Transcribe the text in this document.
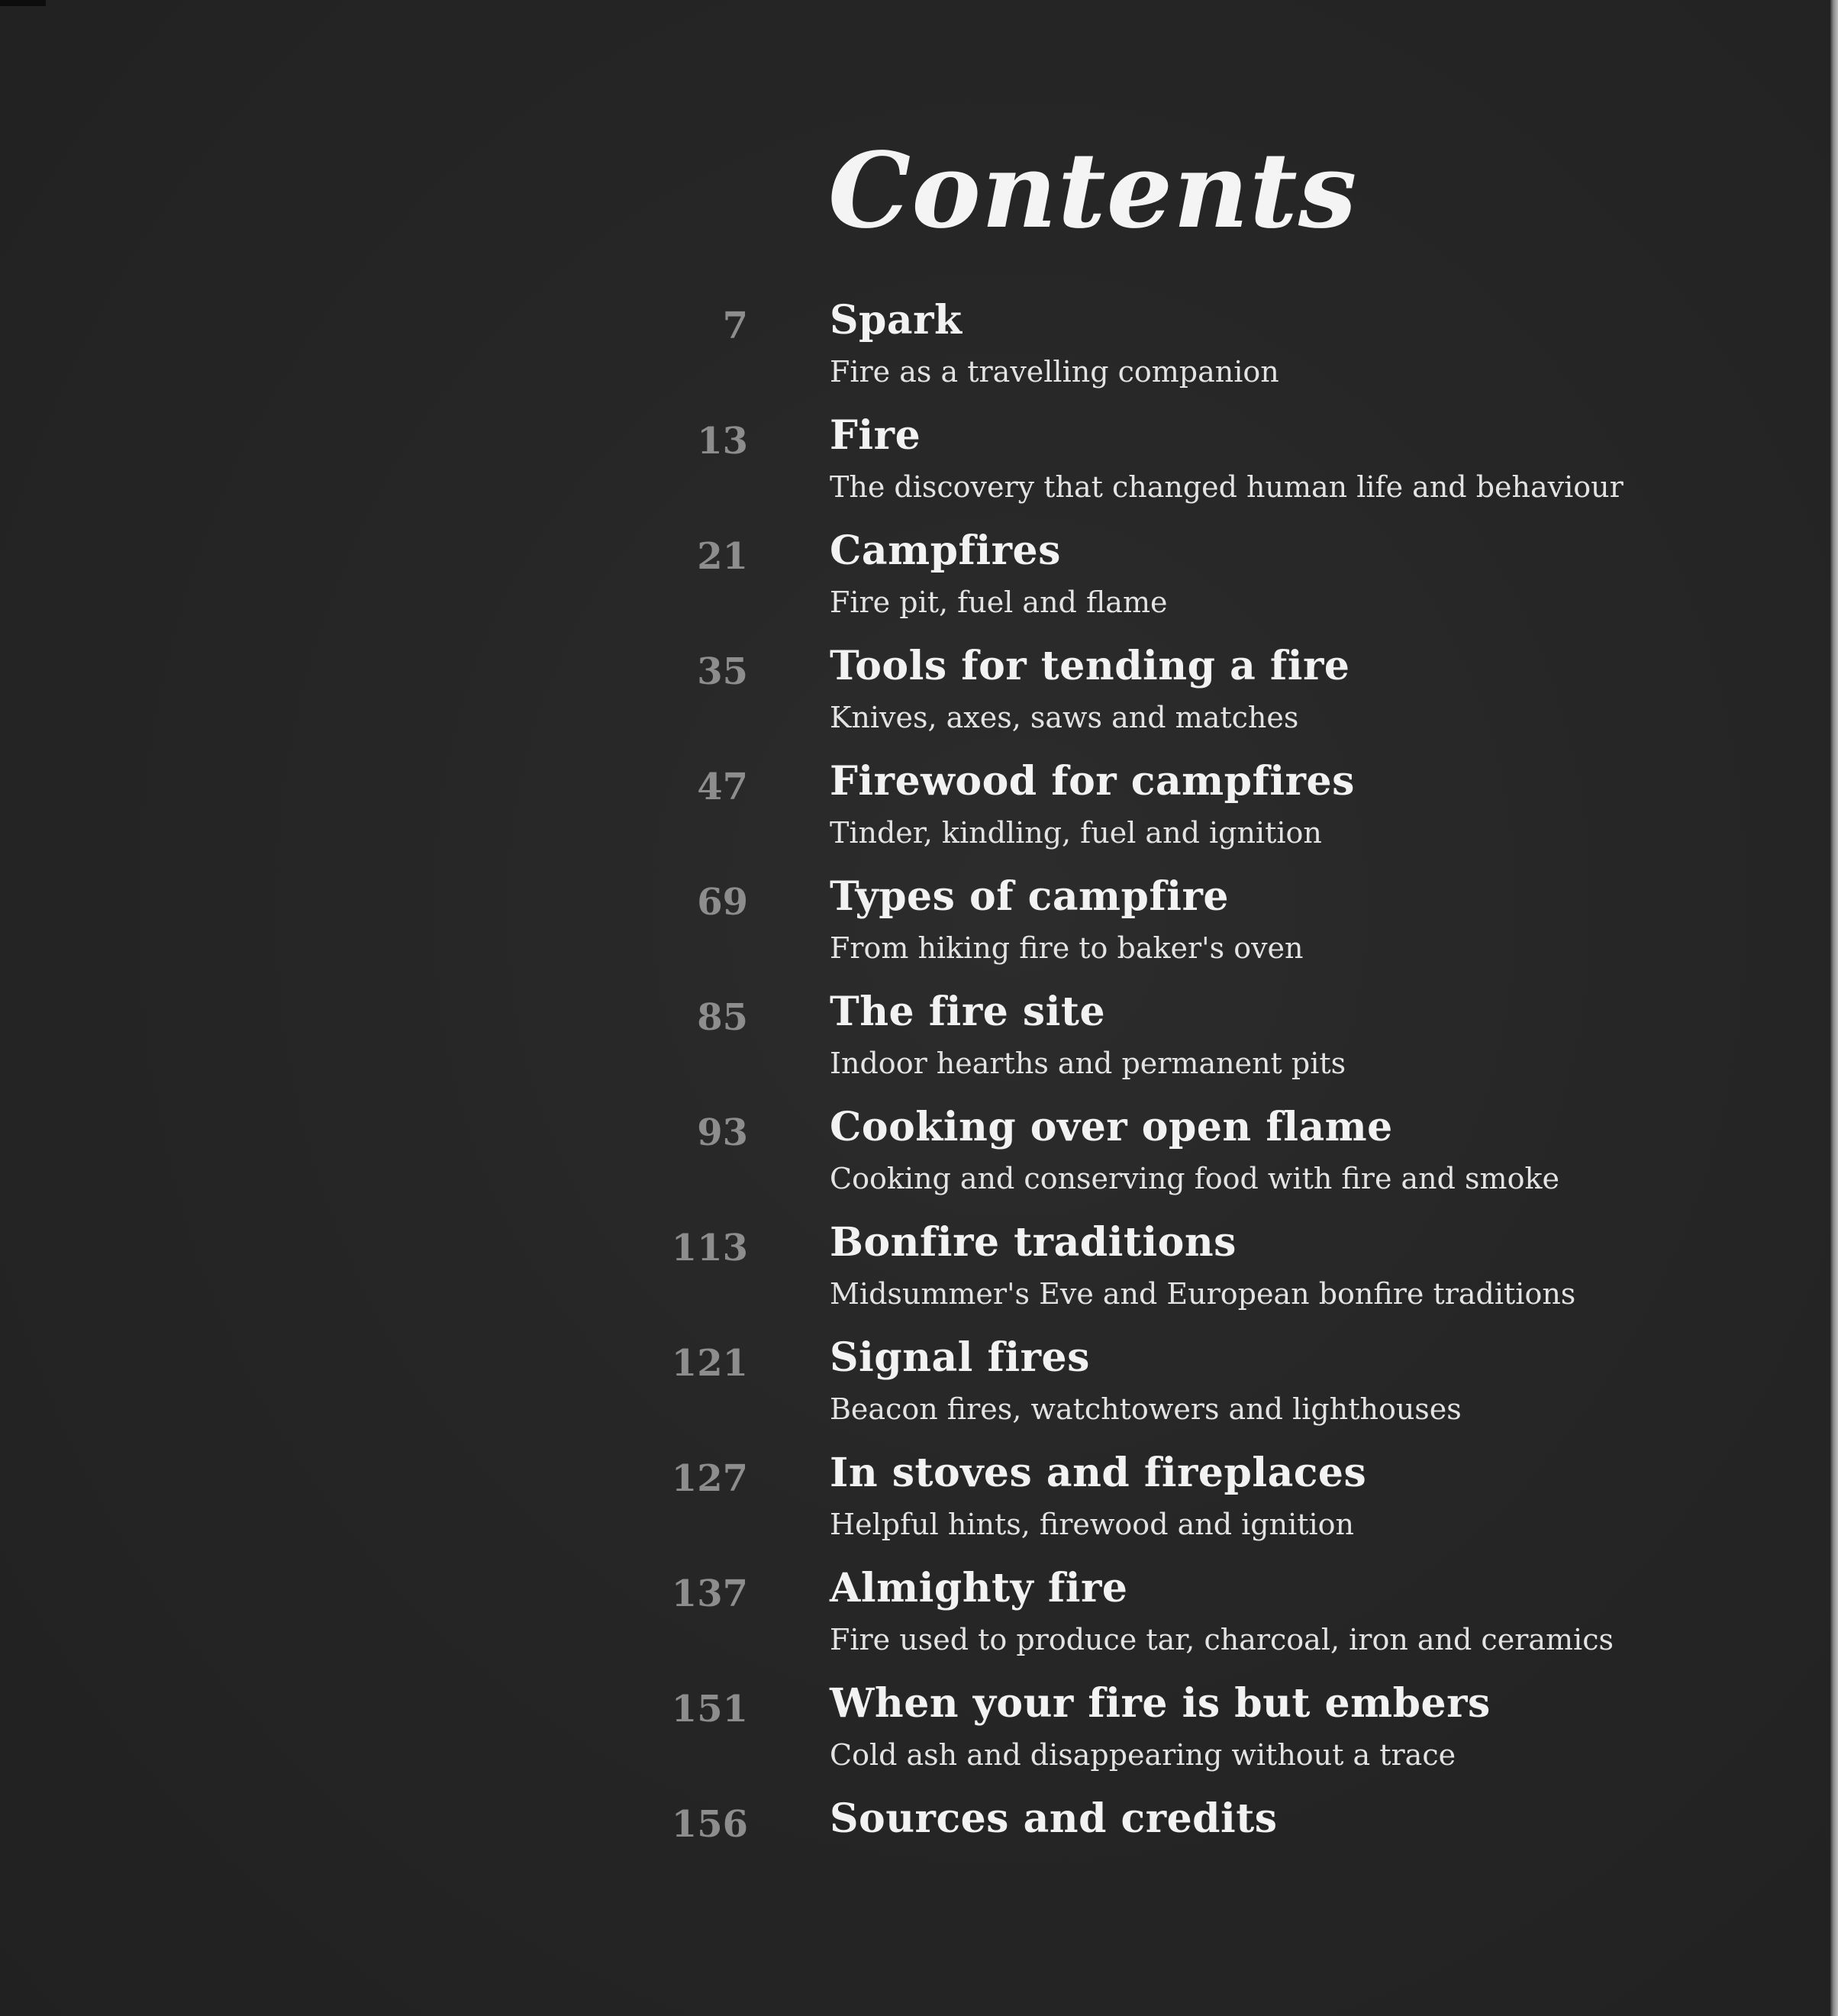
Contents
7 Spark
Fire as a travelling companion
13 Fire
The discovery that changed human life and behaviour
21 Campfires
Fire pit, fuel and flame
35 Tools for tending a fire
Knives, axes, saws and matches
47 Firewood for campfires
Tinder, kindling, fuel and ignition
69 Types of campfire
From hiking fire to baker's oven
85 The fire site
Indoor hearths and permanent pits
93 Cooking over open flame
Cooking and conserving food with fire and smoke
113 Bonfire traditions
Midsummer's Eve and European bonfire traditions
121 Signal fires
Beacon fires, watchtowers and lighthouses
127 In stoves and fireplaces
Helpful hints, firewood and ignition
137 Almighty fire
Fire used to produce tar, charcoal, iron and ceramics
151 When your fire is but embers
Cold ash and disappearing without a trace
156 Sources and credits
